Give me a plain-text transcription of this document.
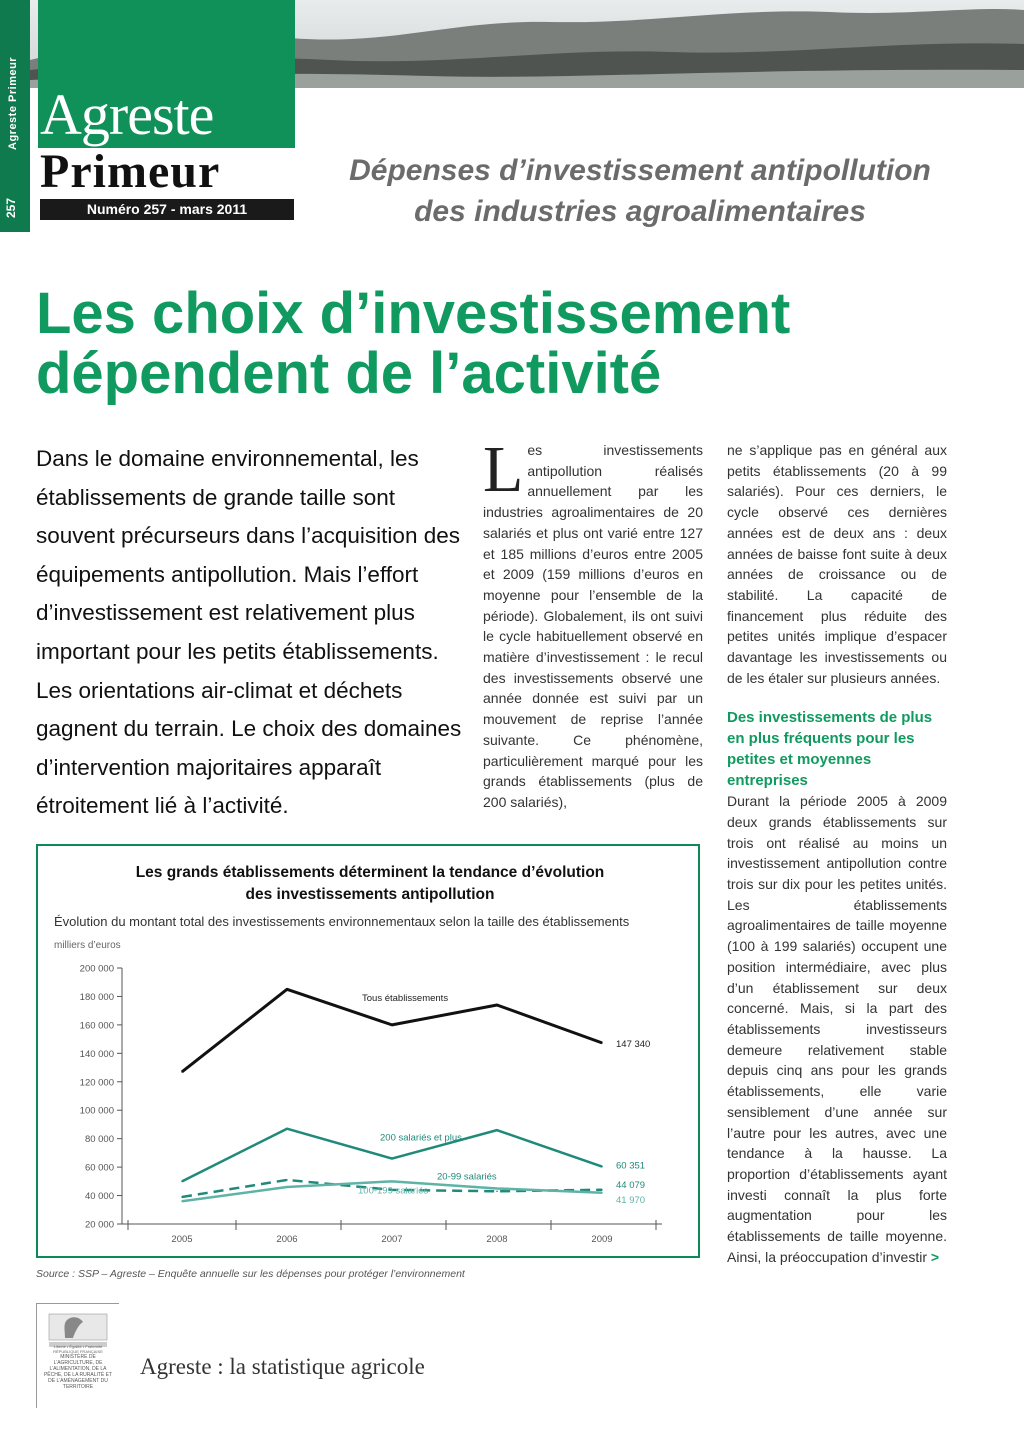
Agreste Primeur
257
Agreste
Primeur
Numéro 257 - mars 2011
Dépenses d’investissement antipollution
des industries agroalimentaires
Les choix d’investissement
dépendent de l’activité
Dans le domaine environnemental, les établissements de grande taille sont souvent précurseurs dans l’acquisition des équipements antipollution. Mais l’effort d’investissement est relativement plus important pour les petits établissements. Les orientations air-climat et déchets gagnent du terrain. Le choix des domaines d’intervention majoritaires apparaît étroitement lié à l’activité.
Les investissements antipollution réalisés annuellement par les industries agroalimentaires de 20 salariés et plus ont varié entre 127 et 185 millions d’euros entre 2005 et 2009 (159 millions d’euros en moyenne pour l’ensemble de la période). Globalement, ils ont suivi le cycle habituellement observé en matière d’investissement : le recul des investissements observé une année donnée est suivi par un mouvement de reprise l’année suivante. Ce phénomène, particulièrement marqué pour les grands établissements (plus de 200 salariés),
ne s’applique pas en général aux petits établissements (20 à 99 salariés). Pour ces derniers, le cycle observé ces dernières années est de deux ans : deux années de baisse font suite à deux années de croissance ou de stabilité. La capacité de financement plus réduite des petites unités implique d’espacer davantage les investissements ou de les étaler sur plusieurs années.
Des investissements de plus en plus fréquents pour les petites et moyennes entreprises
Durant la période 2005 à 2009 deux grands établissements sur trois ont réalisé au moins un investissement antipollution contre trois sur dix pour les petites unités. Les établissements agroalimentaires de taille moyenne (100 à 199 salariés) occupent une position intermédiaire, avec plus d’un établissement sur deux concerné. Mais, si la part des établissements investisseurs demeure relativement stable depuis cinq ans pour les grands établissements, elle varie sensiblement d’une année sur l’autre pour les autres, avec une tendance à la hausse. La proportion d’établissements ayant investi connaît la plus forte augmentation pour les établissements de taille moyenne. Ainsi, la préoccupation d’investir >
Les grands établissements déterminent la tendance d’évolution
des investissements antipollution
Évolution du montant total des investissements environnementaux selon la taille des établissements
milliers d’euros
200 000
180 000
160 000
140 000
120 000
100 000
80 000
60 000
40 000
20 000
2005	2006	2007	2008	2009
Tous établissements
147 340
200 salariés et plus
60 351
20-99 salariés
44 079
100-199 salariés
41 970
Source : SSP – Agreste – Enquête annuelle sur les dépenses pour protéger l’environnement
Liberté • Égalité • Fraternité RÉPUBLIQUE FRANÇAISE
MINISTÈRE DE L’AGRICULTURE, DE L’ALIMENTATION, DE LA PÊCHE, DE LA RURALITÉ ET DE L’AMÉNAGEMENT DU TERRITOIRE
Agreste : la statistique agricole
